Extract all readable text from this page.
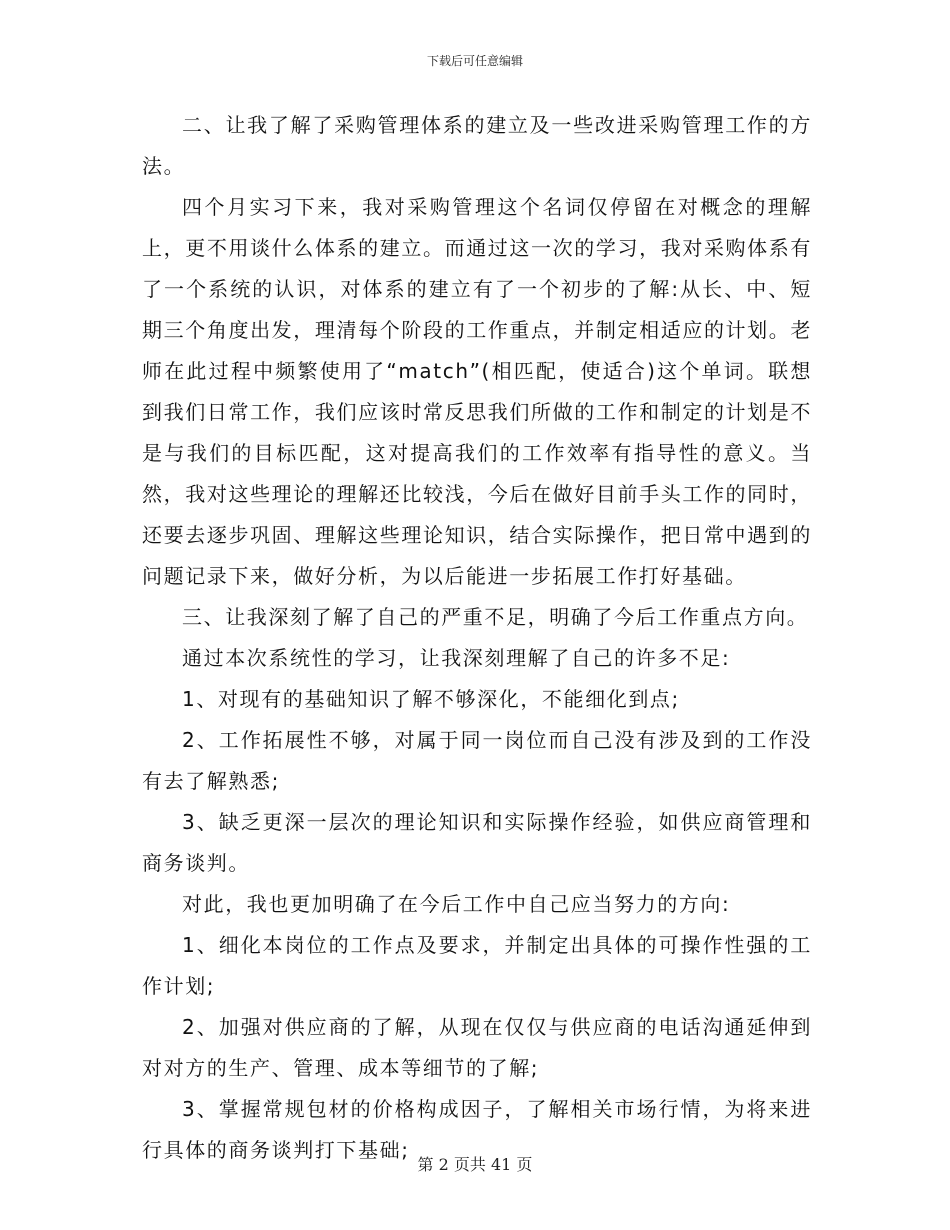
下载后可任意编辑

二、让我了解了采购管理体系的建立及一些改进采购管理工作的方法。

四个月实习下来，我对采购管理这个名词仅停留在对概念的理解上，更不用谈什么体系的建立。而通过这一次的学习，我对采购体系有了一个系统的认识，对体系的建立有了一个初步的了解:从长、中、短期三个角度出发，理清每个阶段的工作重点，并制定相适应的计划。老师在此过程中频繁使用了“match”(相匹配，使适合)这个单词。联想到我们日常工作，我们应该时常反思我们所做的工作和制定的计划是不是与我们的目标匹配，这对提高我们的工作效率有指导性的意义。当然，我对这些理论的理解还比较浅，今后在做好目前手头工作的同时，还要去逐步巩固、理解这些理论知识，结合实际操作，把日常中遇到的问题记录下来，做好分析，为以后能进一步拓展工作打好基础。

三、让我深刻了解了自己的严重不足，明确了今后工作重点方向。

通过本次系统性的学习，让我深刻理解了自己的许多不足:

1、对现有的基础知识了解不够深化，不能细化到点;

2、工作拓展性不够，对属于同一岗位而自己没有涉及到的工作没有去了解熟悉;

3、缺乏更深一层次的理论知识和实际操作经验，如供应商管理和商务谈判。

对此，我也更加明确了在今后工作中自己应当努力的方向:

1、细化本岗位的工作点及要求，并制定出具体的可操作性强的工作计划;

2、加强对供应商的了解，从现在仅仅与供应商的电话沟通延伸到对对方的生产、管理、成本等细节的了解;

3、掌握常规包材的价格构成因子，了解相关市场行情，为将来进行具体的商务谈判打下基础;

第 2 页共 41 页
